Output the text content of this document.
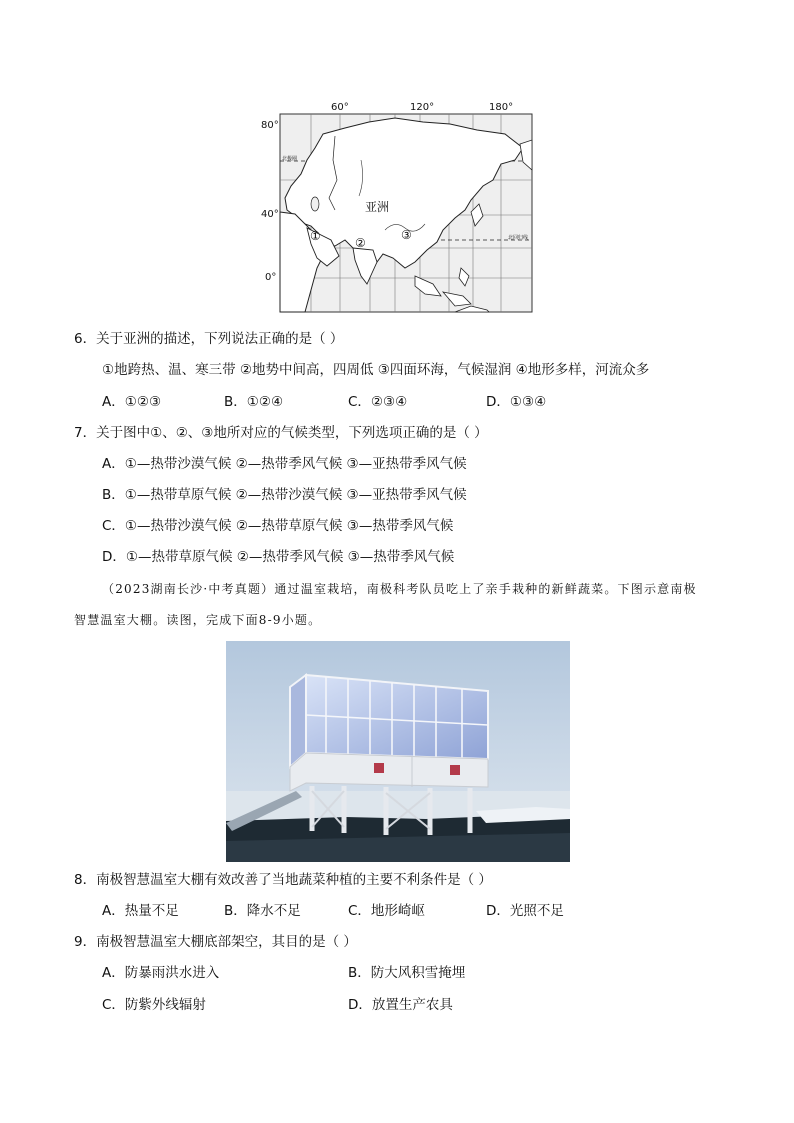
60°	120°	180°
80°
40°
0°
北极圈
北回归线
亚洲
①	②
③
6．关于亚洲的描述，下列说法正确的是（ ）
①地跨热、温、寒三带 ②地势中间高，四周低 ③四面环海，气候湿润 ④地形多样，河流众多
A．①②③	B．①②④	C．②③④	D．①③④
7．关于图中①、②、③地所对应的气候类型，下列选项正确的是（ ）
A．①—热带沙漠气候 ②—热带季风气候 ③—亚热带季风气候
B．①—热带草原气候 ②—热带沙漠气候 ③—亚热带季风气候
C．①—热带沙漠气候 ②—热带草原气候 ③—热带季风气候
D．①—热带草原气候 ②—热带季风气候 ③—热带季风气候
（2023湖南长沙·中考真题）通过温室栽培，南极科考队员吃上了亲手栽种的新鲜蔬菜。下图示意南极
智慧温室大棚。读图，完成下面8-9小题。
8．南极智慧温室大棚有效改善了当地蔬菜种植的主要不利条件是（ ）
A．热量不足	B．降水不足	C．地形崎岖	D．光照不足
9．南极智慧温室大棚底部架空，其目的是（ ）
A．防暴雨洪水进入	B．防大风积雪掩埋
C．防紫外线辐射	D．放置生产农具
